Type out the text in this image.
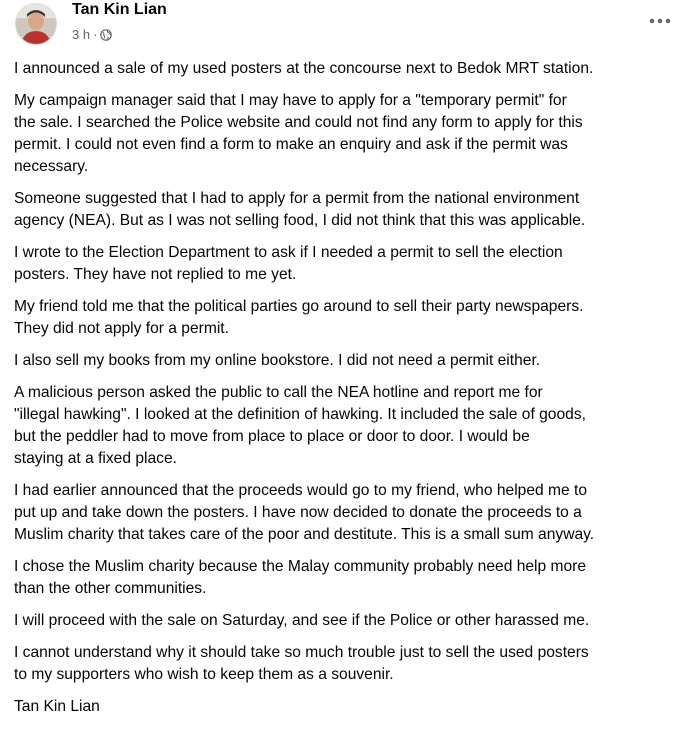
Tan Kin Lian
3 h ·

I announced a sale of my used posters at the concourse next to Bedok MRT station.

My campaign manager said that I may have to apply for a "temporary permit" for
the sale. I searched the Police website and could not find any form to apply for this
permit. I could not even find a form to make an enquiry and ask if the permit was
necessary.

Someone suggested that I had to apply for a permit from the national environment
agency (NEA). But as I was not selling food, I did not think that this was applicable.

I wrote to the Election Department to ask if I needed a permit to sell the election
posters. They have not replied to me yet.

My friend told me that the political parties go around to sell their party newspapers.
They did not apply for a permit.

I also sell my books from my online bookstore. I did not need a permit either.

A malicious person asked the public to call the NEA hotline and report me for
"illegal hawking". I looked at the definition of hawking. It included the sale of goods,
but the peddler had to move from place to place or door to door. I would be
staying at a fixed place.

I had earlier announced that the proceeds would go to my friend, who helped me to
put up and take down the posters. I have now decided to donate the proceeds to a
Muslim charity that takes care of the poor and destitute. This is a small sum anyway.

I chose the Muslim charity because the Malay community probably need help more
than the other communities.

I will proceed with the sale on Saturday, and see if the Police or other harassed me.

I cannot understand why it should take so much trouble just to sell the used posters
to my supporters who wish to keep them as a souvenir.

Tan Kin Lian
